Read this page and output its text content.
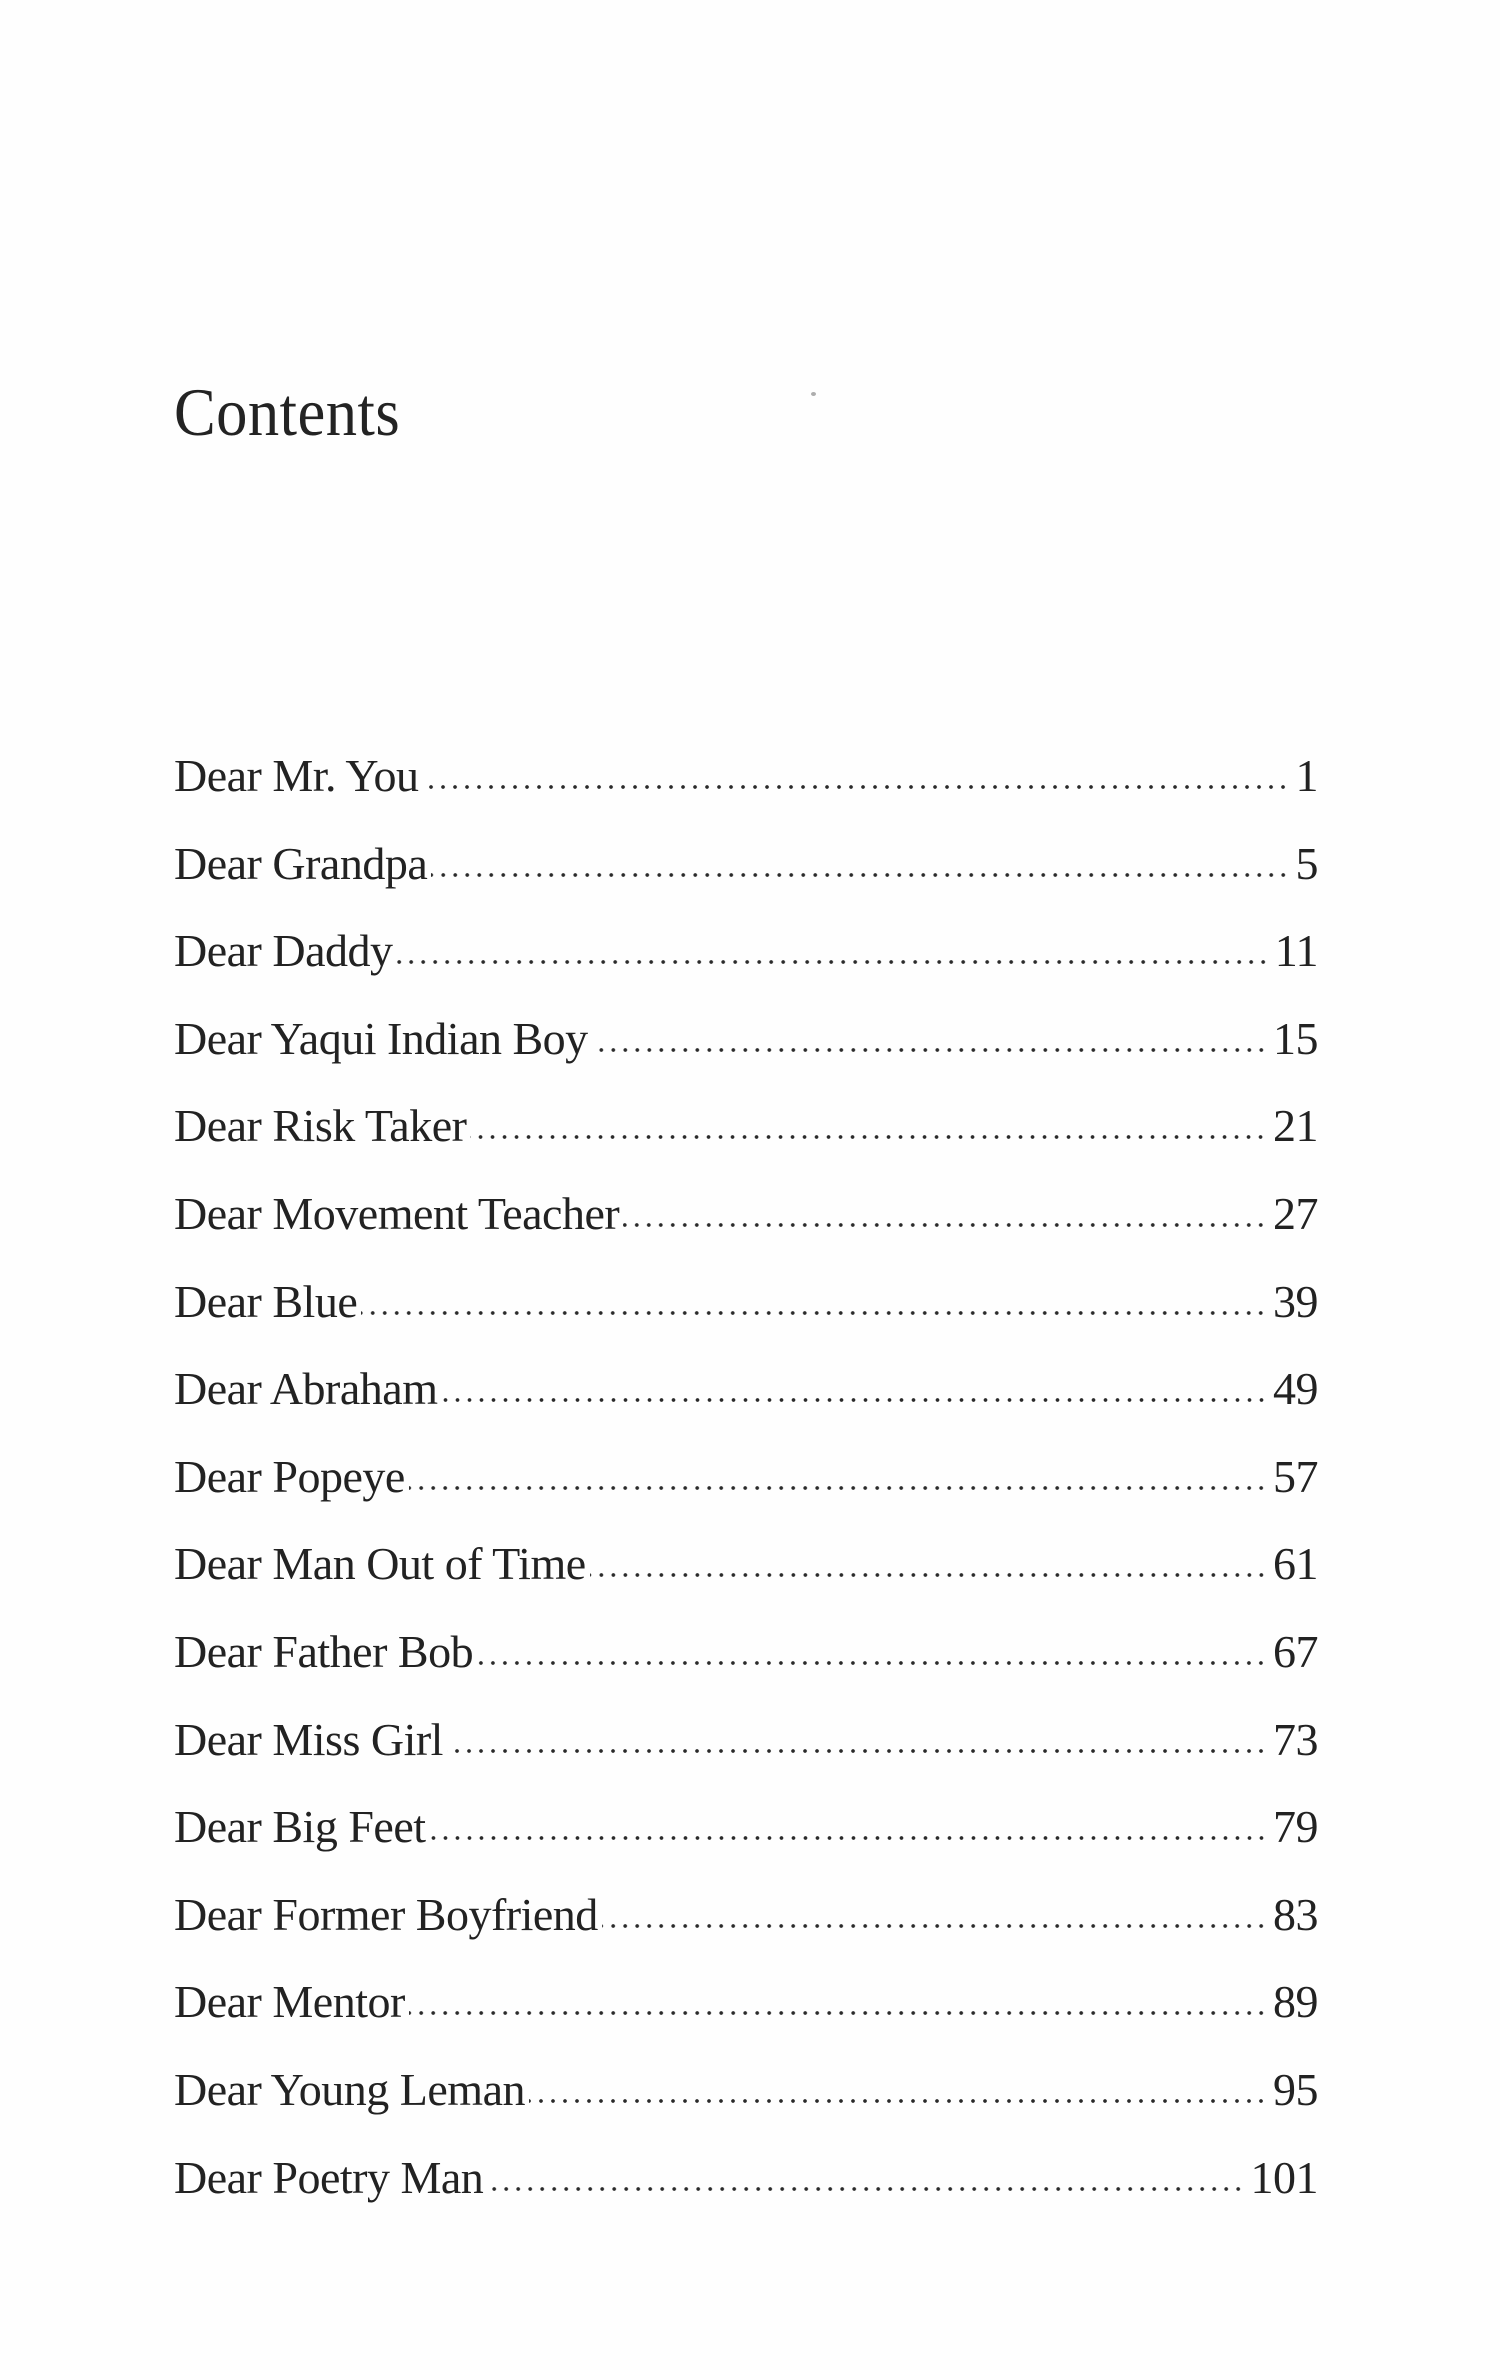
Contents
Dear Mr. You	1
Dear Grandpa	5
Dear Daddy	11
Dear Yaqui Indian Boy	15
Dear Risk Taker	21
Dear Movement Teacher	27
Dear Blue	39
Dear Abraham	49
Dear Popeye	57
Dear Man Out of Time	61
Dear Father Bob	67
Dear Miss Girl	73
Dear Big Feet	79
Dear Former Boyfriend	83
Dear Mentor	89
Dear Young Leman	95
Dear Poetry Man	101
